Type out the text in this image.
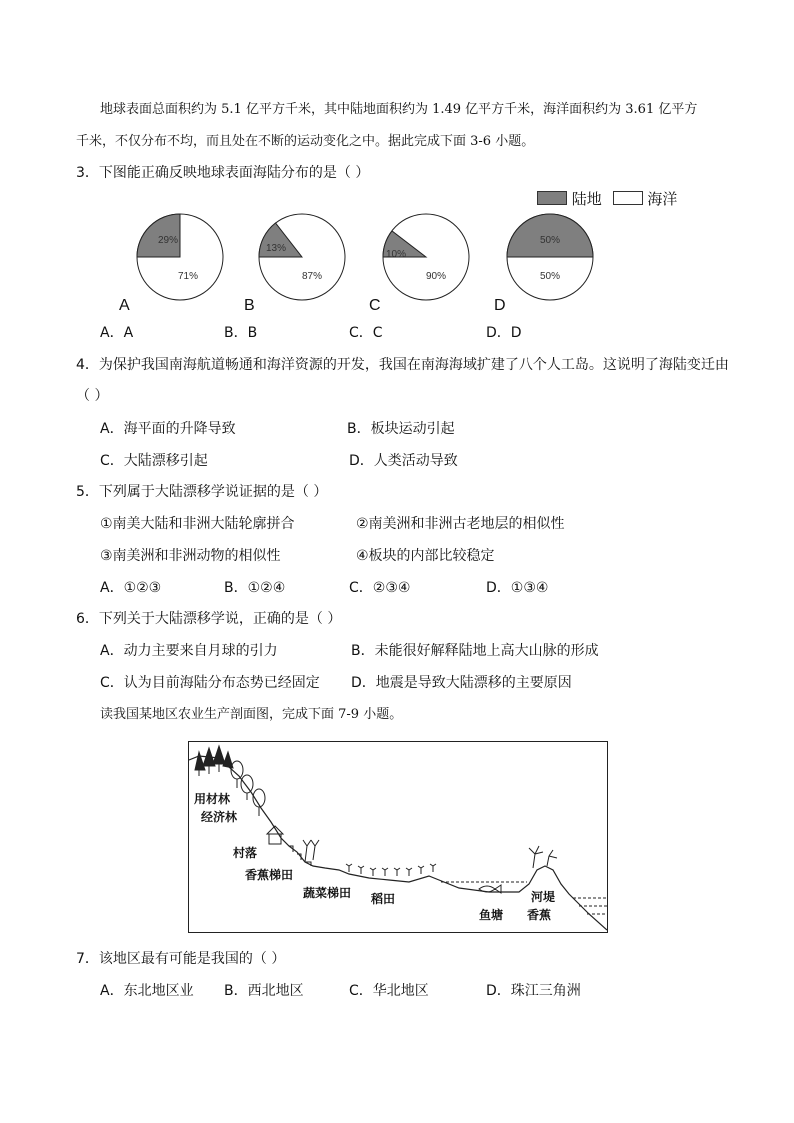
地球表面总面积约为 5.1 亿平方千米，其中陆地面积约为 1.49 亿平方千米，海洋面积约为 3.61 亿平方
千米，不仅分布不均，而且处在不断的运动变化之中。据此完成下面 3-6 小题。
3．下图能正确反映地球表面海陆分布的是（ ）
陆地	海洋
29%
71%
13%
87%
10%
90%
50%
50%
A	B	C	D
A．A	B．B	C．C	D．D
4．为保护我国南海航道畅通和海洋资源的开发，我国在南海海域扩建了八个人工岛。这说明了海陆变迁由
（ ）
A．海平面的升降导致	B．板块运动引起
C．大陆漂移引起	D．人类活动导致
5．下列属于大陆漂移学说证据的是（ ）
①南美大陆和非洲大陆轮廓拼合	②南美洲和非洲古老地层的相似性
③南美洲和非洲动物的相似性	④板块的内部比较稳定
A．①②③	B．①②④	C．②③④	D．①③④
6．下列关于大陆漂移学说，正确的是（ ）
A．动力主要来自月球的引力	B．未能很好解释陆地上高大山脉的形成
C．认为目前海陆分布态势已经固定 D．地震是导致大陆漂移的主要原因
读我国某地区农业生产剖面图，完成下面 7-9 小题。
用材林
经济林
村落
香蕉梯田
蔬菜梯田 稻田
鱼塘
河堤
香蕉
7．该地区最有可能是我国的（ ）
A．东北地区业 B．西北地区	C．华北地区	D．珠江三角洲
